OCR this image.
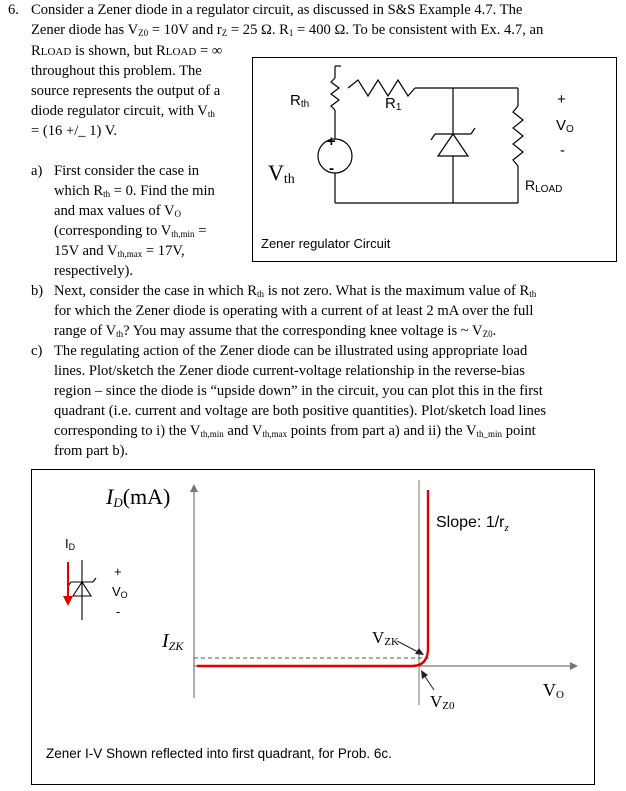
6. Consider a Zener diode in a regulator circuit, as discussed in S&S Example 4.7. The
Zener diode has $V_{Z0} = 10V$ and $r_Z = 25$ Ω. $R_1 = 400$ Ω. To be consistent with Ex. 4.7, an
RLOAD is shown, but RLOAD = ∞
throughout this problem. The
source represents the output of a
diode regulator circuit, with $V_{th}$
= (16 +/_ 1) V.
a) First consider the case in
which $R_{th} = 0$. Find the min
and max values of $V_O$
(corresponding to $V_{th,min}$ =
15V and $V_{th,max} = 17V$,
respectively).
b) Next, consider the case in which $R_{th}$ is not zero. What is the maximum value of $R_{th}$
for which the Zener diode is operating with a current of at least 2 mA over the full
range of $V_{th}$? You may assume that the corresponding knee voltage is ~ $V_{Z0}$.
c) The regulating action of the Zener diode can be illustrated using appropriate load
lines. Plot/sketch the Zener diode current-voltage relationship in the reverse-bias
region – since the diode is “upside down” in the circuit, you can plot this in the first
quadrant (i.e. current and voltage are both positive quantities). Plot/sketch load lines
corresponding to i) the $V_{th,min}$ and $V_{th,max}$ points from part a) and ii) the $V_{th\_min}$ point
from part b).
Rth	R1
Vth
+
-
+
VO
-
RLOAD
Zener regulator Circuit
ID(mA)
Slope: $1/r_z$
IZK	VZK
VZ0
VO
ID
+
VO
-
Zener I-V Shown reflected into first quadrant, for Prob. 6c.
